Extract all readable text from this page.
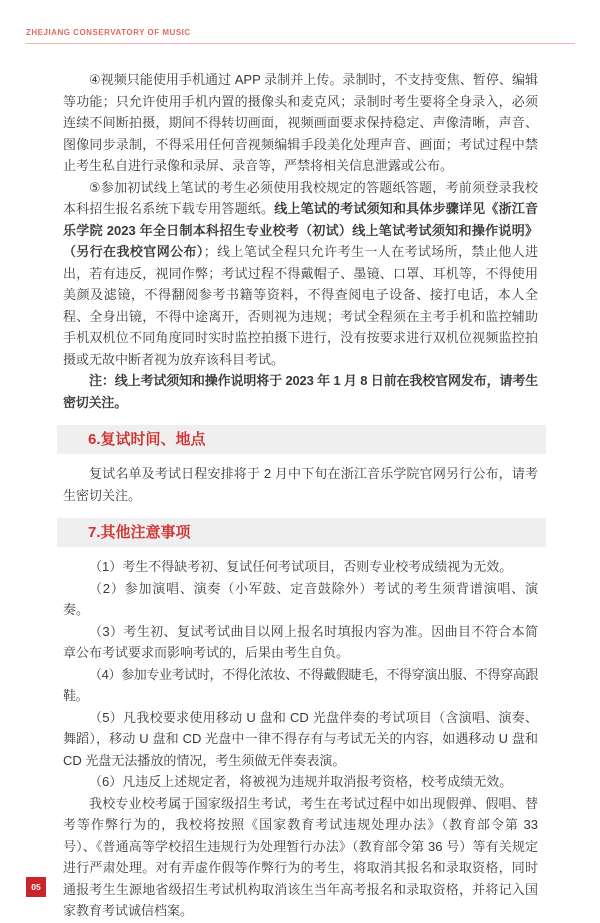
ZHEJIANG CONSERVATORY OF MUSIC

④视频只能使用手机通过 APP 录制并上传。录制时，不支持变焦、暂停、编辑等功能；只允许使用手机内置的摄像头和麦克风；录制时考生要将全身录入，必须连续不间断拍摄，期间不得转切画面，视频画面要求保持稳定、声像清晰，声音、图像同步录制，不得采用任何音视频编辑手段美化处理声音、画面；考试过程中禁止考生私自进行录像和录屏、录音等，严禁将相关信息泄露或公布。

⑤参加初试线上笔试的考生必须使用我校规定的答题纸答题，考前须登录我校本科招生报名系统下载专用答题纸。线上笔试的考试须知和具体步骤详见《浙江音乐学院 2023 年全日制本科招生专业校考（初试）线上笔试考试须知和操作说明》（另行在我校官网公布）；线上笔试全程只允许考生一人在考试场所，禁止他人进出，若有违反，视同作弊；考试过程不得戴帽子、墨镜、口罩、耳机等，不得使用美颜及滤镜，不得翻阅参考书籍等资料，不得查阅电子设备、接打电话，本人全程、全身出镜，不得中途离开，否则视为违规；考试全程须在主考手机和监控辅助手机双机位不同角度同时实时监控拍摄下进行，没有按要求进行双机位视频监控拍摄或无故中断者视为放弃该科目考试。

注：线上考试须知和操作说明将于 2023 年 1 月 8 日前在我校官网发布，请考生密切关注。

6.复试时间、地点

复试名单及考试日程安排将于 2 月中下旬在浙江音乐学院官网另行公布，请考生密切关注。

7.其他注意事项

（1）考生不得缺考初、复试任何考试项目，否则专业校考成绩视为无效。

（2）参加演唱、演奏（小军鼓、定音鼓除外）考试的考生须背谱演唱、演奏。

（3）考生初、复试考试曲目以网上报名时填报内容为准。因曲目不符合本简章公布考试要求而影响考试的，后果由考生自负。

（4）参加专业考试时，不得化浓妆、不得戴假睫毛，不得穿演出服、不得穿高跟鞋。

（5）凡我校要求使用移动 U 盘和 CD 光盘伴奏的考试项目（含演唱、演奏、舞蹈），移动 U 盘和 CD 光盘中一律不得存有与考试无关的内容，如遇移动 U 盘和 CD 光盘无法播放的情况，考生须做无伴奏表演。

（6）凡违反上述规定者，将被视为违规并取消报考资格，校考成绩无效。

我校专业校考属于国家级招生考试，考生在考试过程中如出现假弹、假唱、替考等作弊行为的，我校将按照《国家教育考试违规处理办法》（教育部令第 33 号）、《普通高等学校招生违规行为处理暂行办法》（教育部令第 36 号）等有关规定进行严肃处理。对有弄虚作假等作弊行为的考生，将取消其报名和录取资格，同时通报考生生源地省级招生考试机构取消该生当年高考报名和录取资格，并将记入国家教育考试诚信档案。

05
